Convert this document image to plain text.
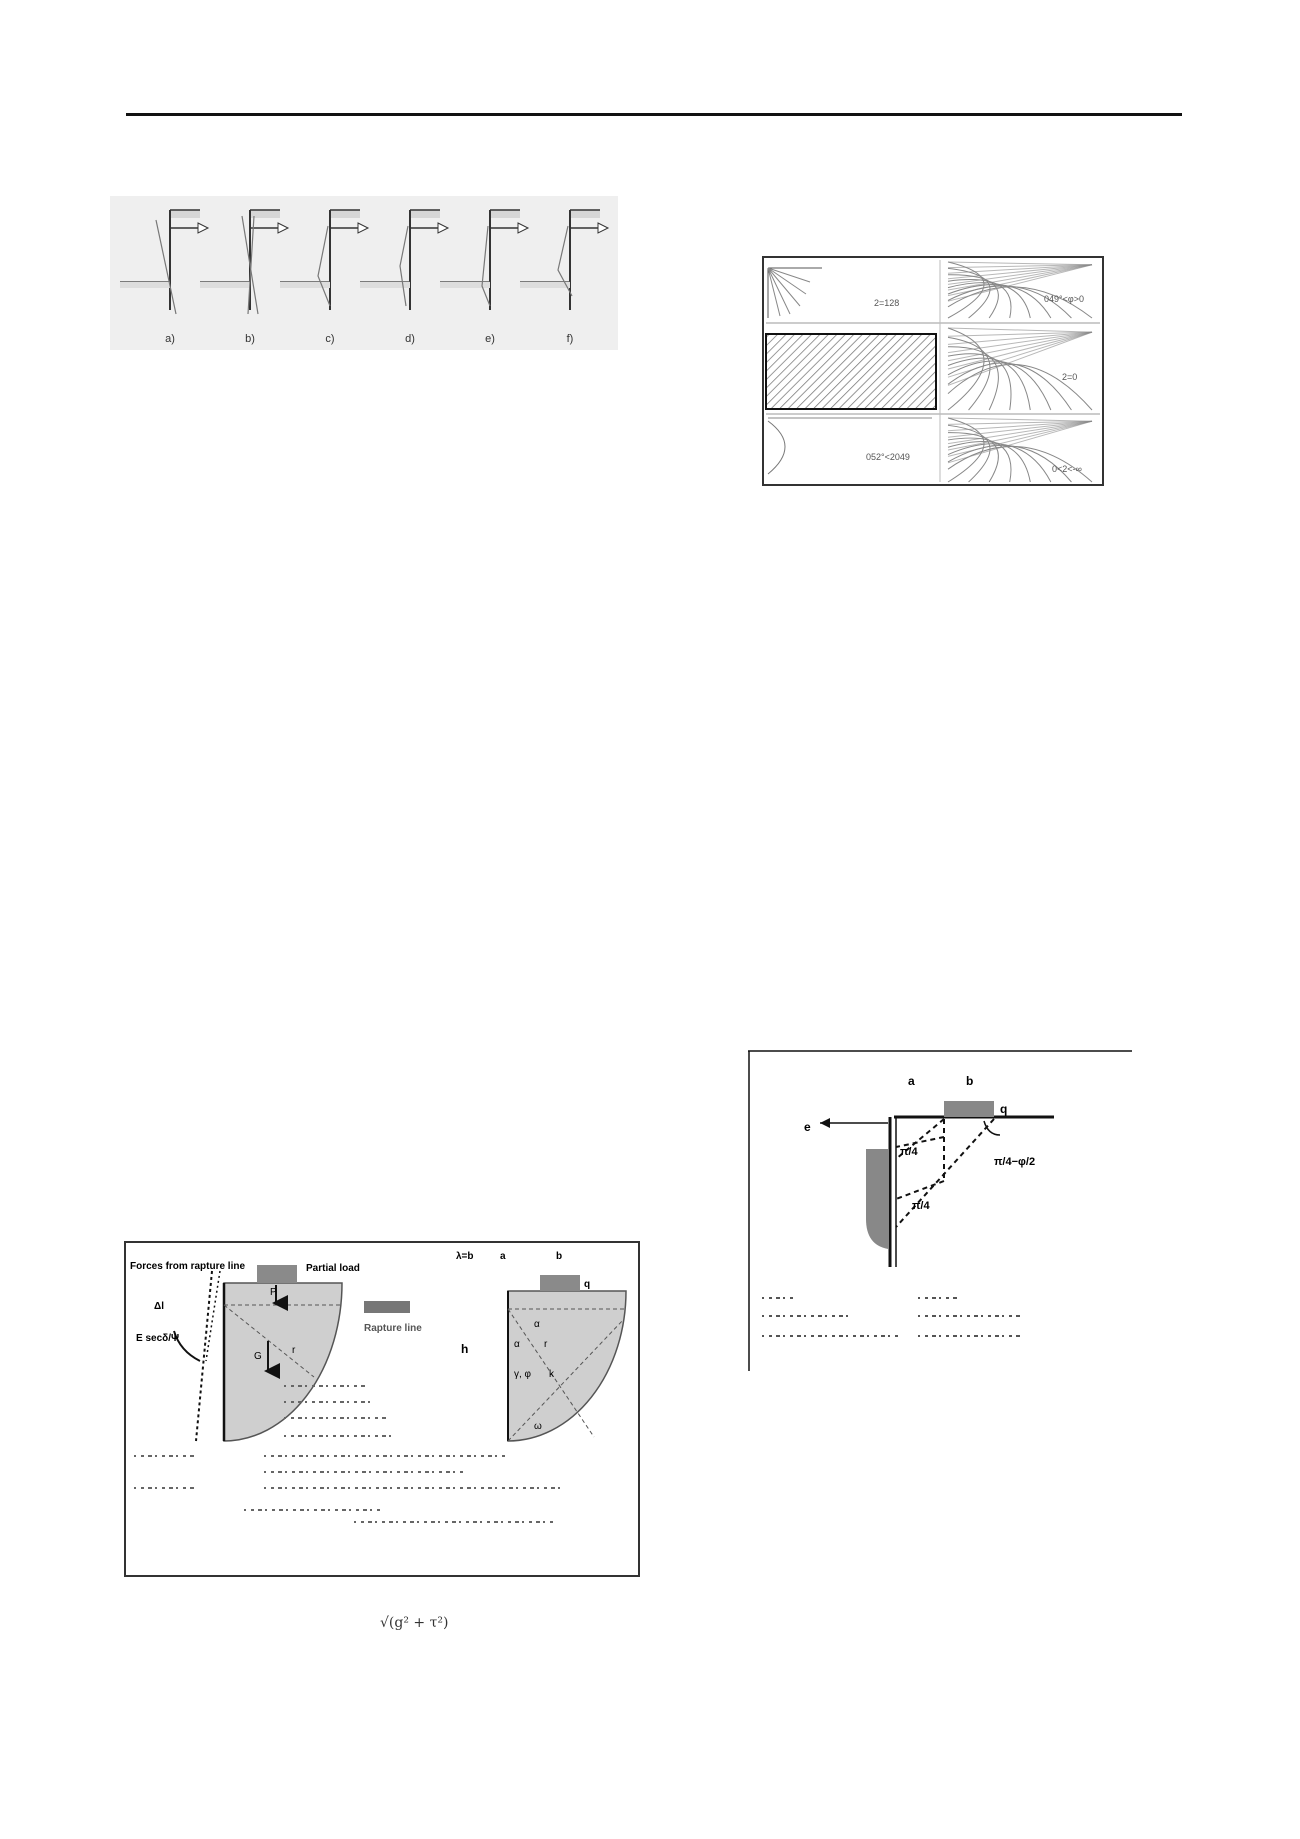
a)	b)	c)	d)	e)	f)
2=128	049°<φ>0
2=0
052°<2049
0<2<-∞
Forces from rapture line	Partial load
Rapture line
E secδ/Ψ
Δl
P
G
r	h
λ=b	a	b
q
α
α r
k
γ, φ
ω
a	b
q
e
π/4
π/4−φ/2
π/4
√(g² + τ²)
